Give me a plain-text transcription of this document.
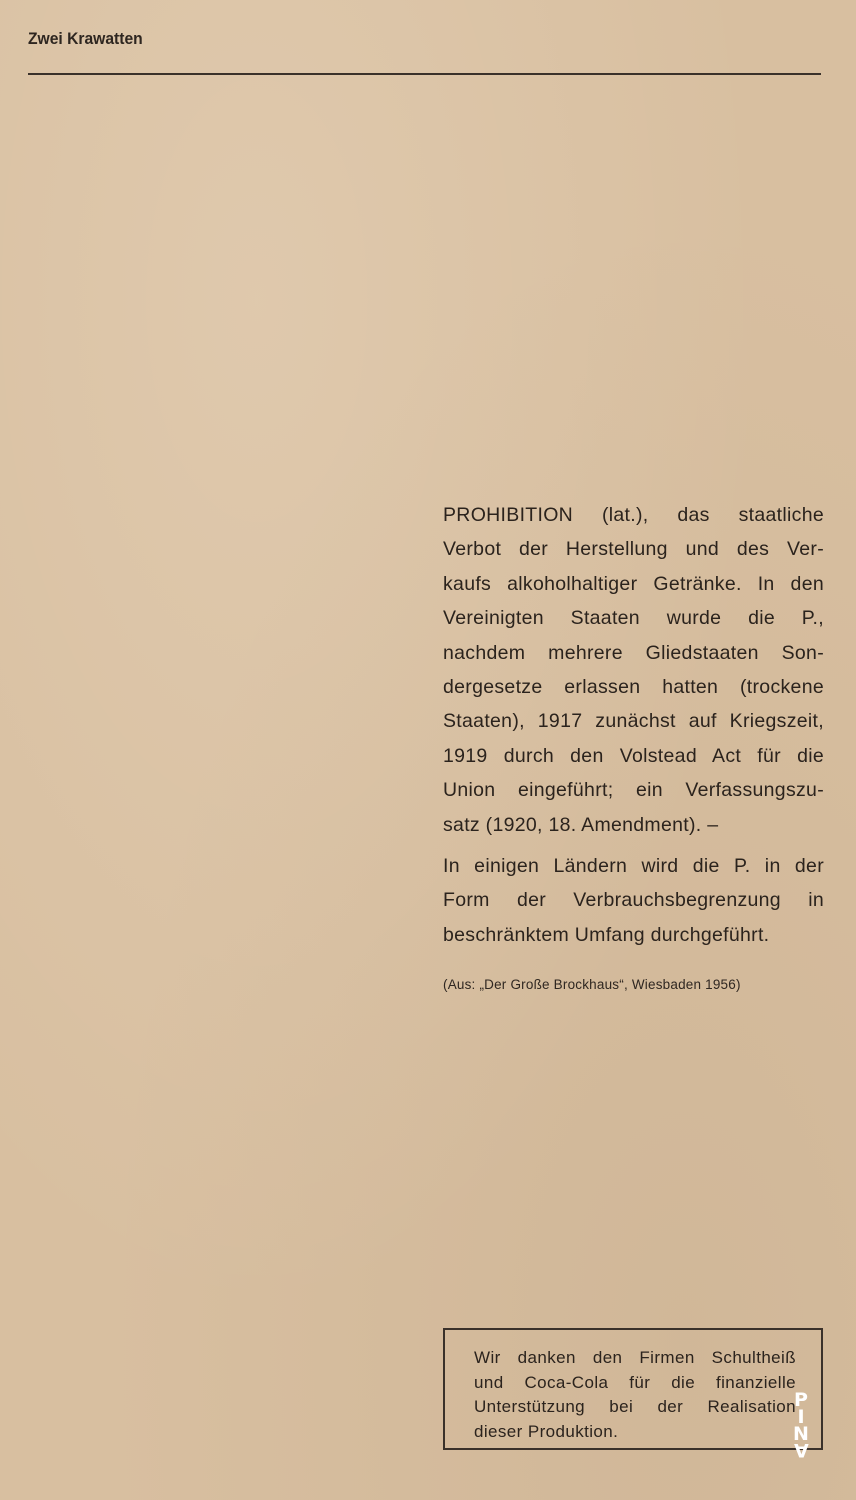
Zwei Krawatten

PROHIBITION (lat.), das staatliche
Verbot der Herstellung und des Ver-
kaufs alkoholhaltiger Getränke. In den
Vereinigten Staaten wurde die P.,
nachdem mehrere Gliedstaaten Son-
dergesetze erlassen hatten (trockene
Staaten), 1917 zunächst auf Kriegszeit,
1919 durch den Volstead Act für die
Union eingeführt; ein Verfassungszu-
satz (1920, 18. Amendment). –

In einigen Ländern wird die P. in der
Form der Verbrauchsbegrenzung in
beschränktem Umfang durchgeführt.

(Aus: „Der Große Brockhaus“, Wiesbaden 1956)
Wir danken den Firmen Schultheiß
und Coca-Cola für die finanzielle
Unterstützung bei der Realisation
dieser Produktion.
P
I
N
A
